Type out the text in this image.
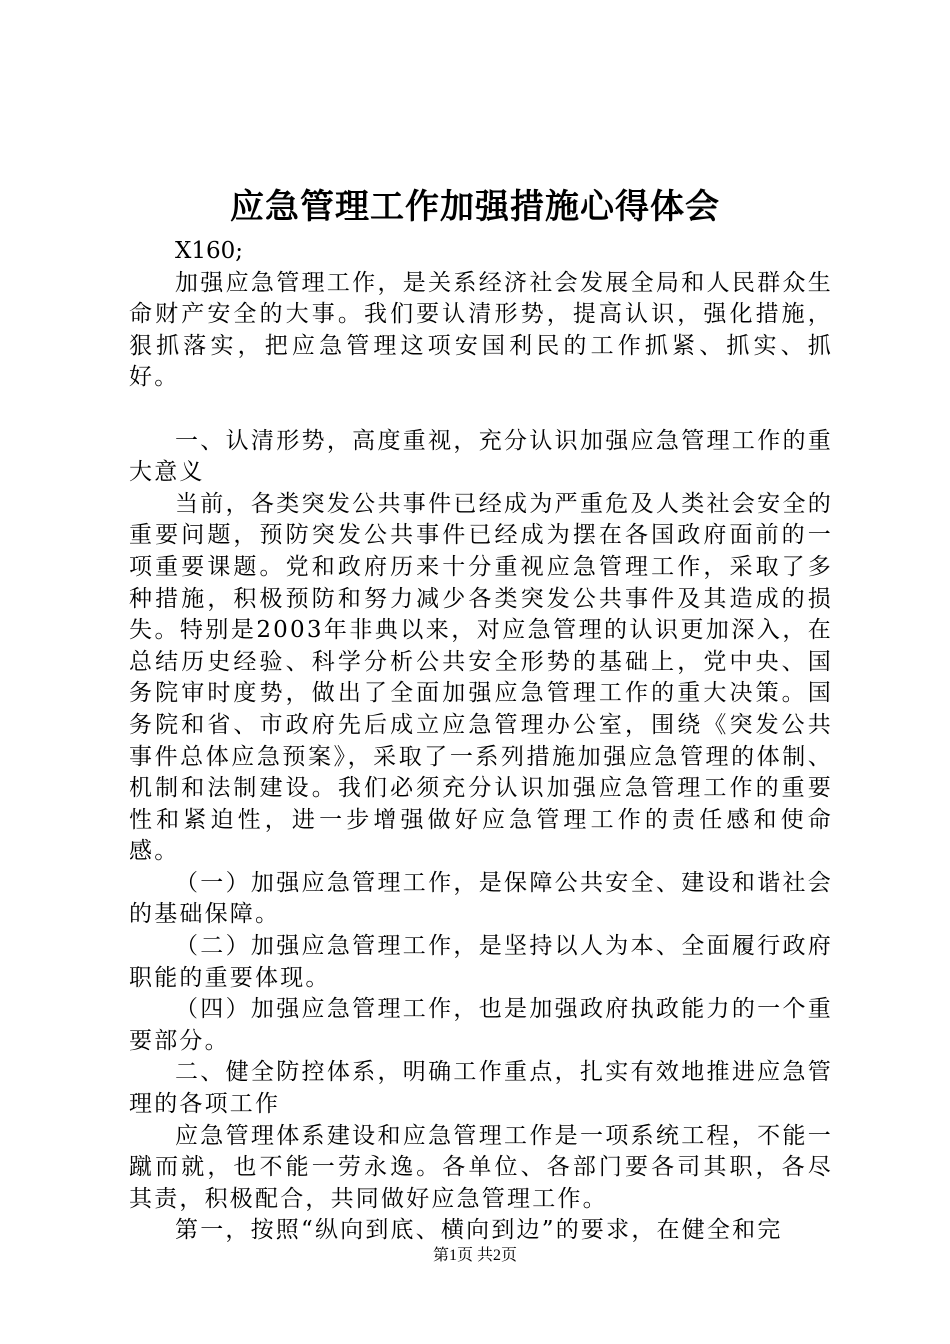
应急管理工作加强措施心得体会

X160;

加强应急管理工作，是关系经济社会发展全局和人民群众生命财产安全的大事。我们要认清形势，提高认识，强化措施，狠抓落实，把应急管理这项安国利民的工作抓紧、抓实、抓好。

一、认清形势，高度重视，充分认识加强应急管理工作的重大意义

当前，各类突发公共事件已经成为严重危及人类社会安全的重要问题，预防突发公共事件已经成为摆在各国政府面前的一项重要课题。党和政府历来十分重视应急管理工作，采取了多种措施，积极预防和努力减少各类突发公共事件及其造成的损失。特别是2003年非典以来，对应急管理的认识更加深入，在总结历史经验、科学分析公共安全形势的基础上，党中央、国务院审时度势，做出了全面加强应急管理工作的重大决策。国务院和省、市政府先后成立应急管理办公室，围绕《突发公共事件总体应急预案》，采取了一系列措施加强应急管理的体制、机制和法制建设。我们必须充分认识加强应急管理工作的重要性和紧迫性，进一步增强做好应急管理工作的责任感和使命感。

（一）加强应急管理工作，是保障公共安全、建设和谐社会的基础保障。

（二）加强应急管理工作，是坚持以人为本、全面履行政府职能的重要体现。

（四）加强应急管理工作，也是加强政府执政能力的一个重要部分。

二、健全防控体系，明确工作重点，扎实有效地推进应急管理的各项工作

应急管理体系建设和应急管理工作是一项系统工程，不能一蹴而就，也不能一劳永逸。各单位、各部门要各司其职，各尽其责，积极配合，共同做好应急管理工作。

第一，按照“纵向到底、横向到边”的要求，在健全和完

第1页 共2页
